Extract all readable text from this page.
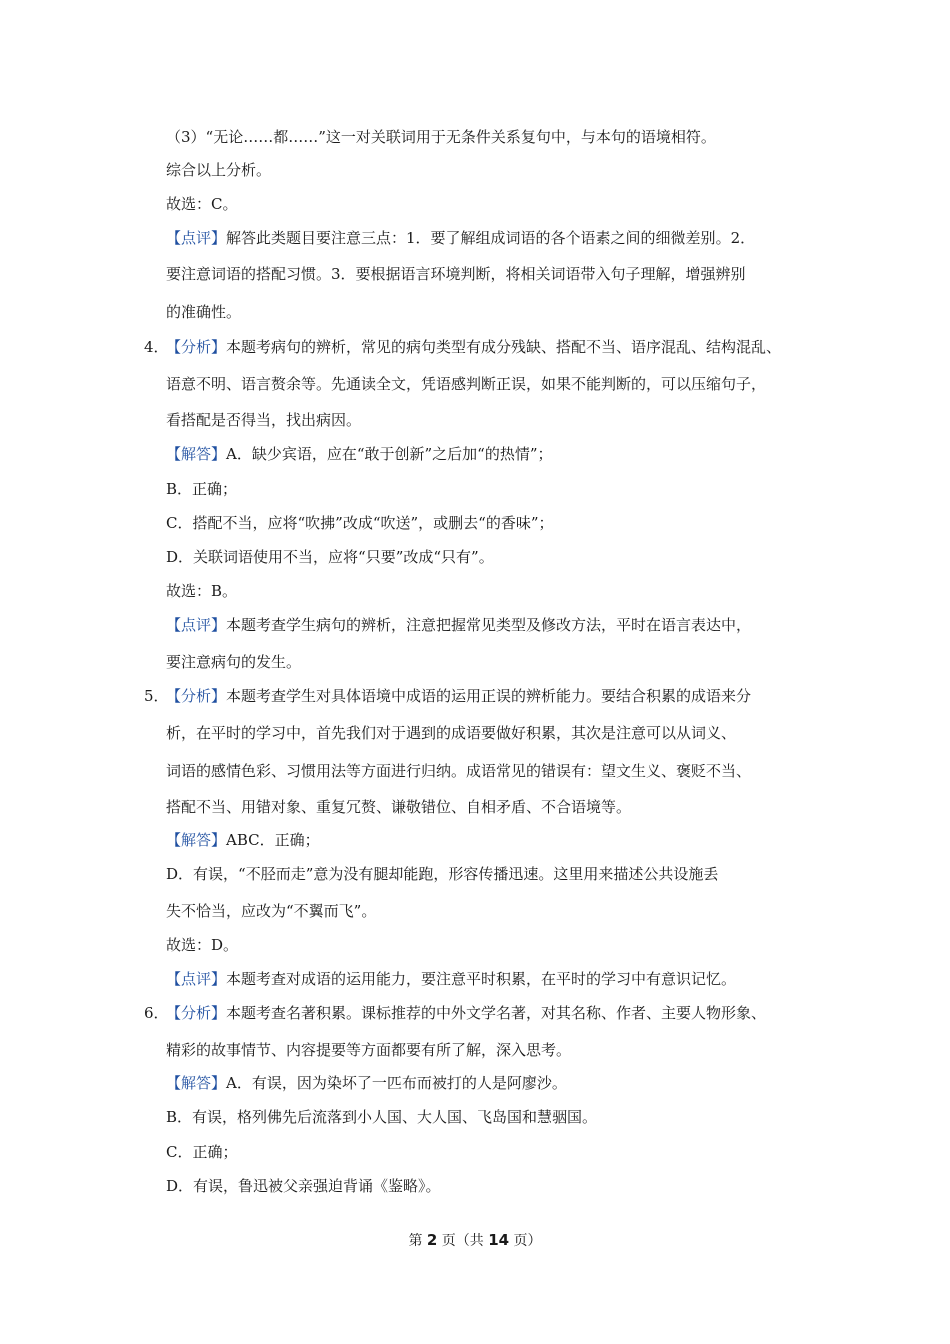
（3）“无论……都……”这一对关联词用于无条件关系复句中，与本句的语境相符。
综合以上分析。
故选：C。
【点评】解答此类题目要注意三点：1．要了解组成词语的各个语素之间的细微差别。2．
要注意词语的搭配习惯。3．要根据语言环境判断，将相关词语带入句子理解，增强辨别
的准确性。
4．
【分析】本题考病句的辨析，常见的病句类型有成分残缺、搭配不当、语序混乱、结构混乱、
语意不明、语言赘余等。先通读全文，凭语感判断正误，如果不能判断的，可以压缩句子，
看搭配是否得当，找出病因。
【解答】A．缺少宾语，应在“敢于创新”之后加“的热情”；
B．正确；
C．搭配不当，应将“吹拂”改成“吹送”，或删去“的香味”；
D．关联词语使用不当，应将“只要”改成“只有”。
故选：B。
【点评】本题考查学生病句的辨析，注意把握常见类型及修改方法，平时在语言表达中，
要注意病句的发生。
5．
【分析】本题考查学生对具体语境中成语的运用正误的辨析能力。要结合积累的成语来分
析，在平时的学习中，首先我们对于遇到的成语要做好积累，其次是注意可以从词义、
词语的感情色彩、习惯用法等方面进行归纳。成语常见的错误有：望文生义、褒贬不当、
搭配不当、用错对象、重复冗赘、谦敬错位、自相矛盾、不合语境等。
【解答】ABC．正确；
D．有误，“不胫而走”意为没有腿却能跑，形容传播迅速。这里用来描述公共设施丢
失不恰当，应改为“不翼而飞”。
故选：D。
【点评】本题考查对成语的运用能力，要注意平时积累，在平时的学习中有意识记忆。
6．
【分析】本题考查名著积累。课标推荐的中外文学名著，对其名称、作者、主要人物形象、
精彩的故事情节、内容提要等方面都要有所了解，深入思考。
【解答】A．有误，因为染坏了一匹布而被打的人是阿廖沙。
B．有误，格列佛先后流落到小人国、大人国、飞岛国和慧骃国。
C．正确；
D．有误，鲁迅被父亲强迫背诵《鉴略》。
第 2 页（共 14 页）
